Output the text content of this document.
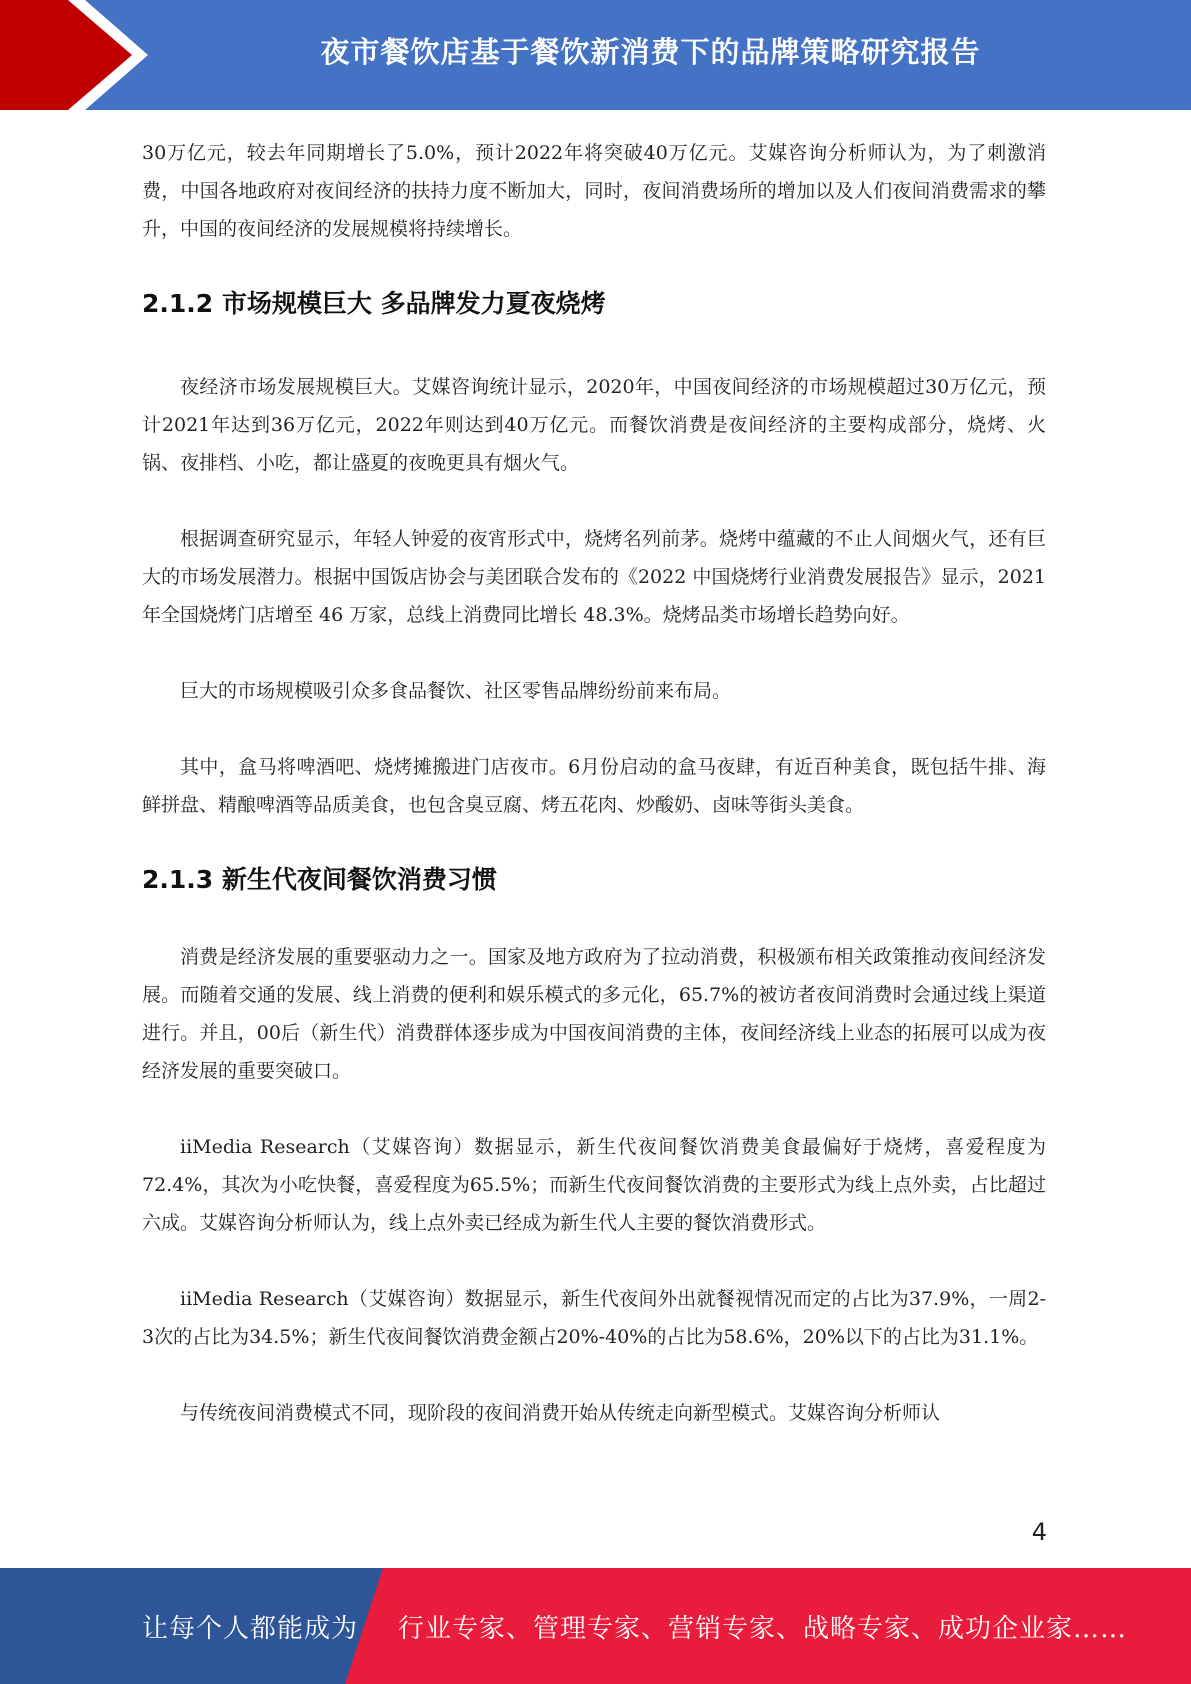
夜市餐饮店基于餐饮新消费下的品牌策略研究报告

30万亿元，较去年同期增长了5.0%，预计2022年将突破40万亿元。艾媒咨询分析师认为，为了刺激消费，中国各地政府对夜间经济的扶持力度不断加大，同时，夜间消费场所的增加以及人们夜间消费需求的攀升，中国的夜间经济的发展规模将持续增长。

2.1.2 市场规模巨大 多品牌发力夏夜烧烤

夜经济市场发展规模巨大。艾媒咨询统计显示，2020年，中国夜间经济的市场规模超过30万亿元，预计2021年达到36万亿元，2022年则达到40万亿元。而餐饮消费是夜间经济的主要构成部分，烧烤、火锅、夜排档、小吃，都让盛夏的夜晚更具有烟火气。

根据调查研究显示，年轻人钟爱的夜宵形式中，烧烤名列前茅。烧烤中蕴藏的不止人间烟火气，还有巨大的市场发展潜力。根据中国饭店协会与美团联合发布的《2022 中国烧烤行业消费发展报告》显示，2021 年全国烧烤门店增至 46 万家，总线上消费同比增长 48.3%。烧烤品类市场增长趋势向好。

巨大的市场规模吸引众多食品餐饮、社区零售品牌纷纷前来布局。

其中，盒马将啤酒吧、烧烤摊搬进门店夜市。6月份启动的盒马夜肆，有近百种美食，既包括牛排、海鲜拼盘、精酿啤酒等品质美食，也包含臭豆腐、烤五花肉、炒酸奶、卤味等街头美食。

2.1.3 新生代夜间餐饮消费习惯

消费是经济发展的重要驱动力之一。国家及地方政府为了拉动消费，积极颁布相关政策推动夜间经济发展。而随着交通的发展、线上消费的便利和娱乐模式的多元化，65.7%的被访者夜间消费时会通过线上渠道进行。并且，00后（新生代）消费群体逐步成为中国夜间消费的主体，夜间经济线上业态的拓展可以成为夜经济发展的重要突破口。

iiMedia Research（艾媒咨询）数据显示，新生代夜间餐饮消费美食最偏好于烧烤，喜爱程度为72.4%，其次为小吃快餐，喜爱程度为65.5%；而新生代夜间餐饮消费的主要形式为线上点外卖，占比超过六成。艾媒咨询分析师认为，线上点外卖已经成为新生代人主要的餐饮消费形式。

iiMedia Research（艾媒咨询）数据显示，新生代夜间外出就餐视情况而定的占比为37.9%，一周2-3次的占比为34.5%；新生代夜间餐饮消费金额占20%-40%的占比为58.6%，20%以下的占比为31.1%。

与传统夜间消费模式不同，现阶段的夜间消费开始从传统走向新型模式。艾媒咨询分析师认

4
让每个人都能成为 行业专家、管理专家、营销专家、战略专家、成功企业家……
